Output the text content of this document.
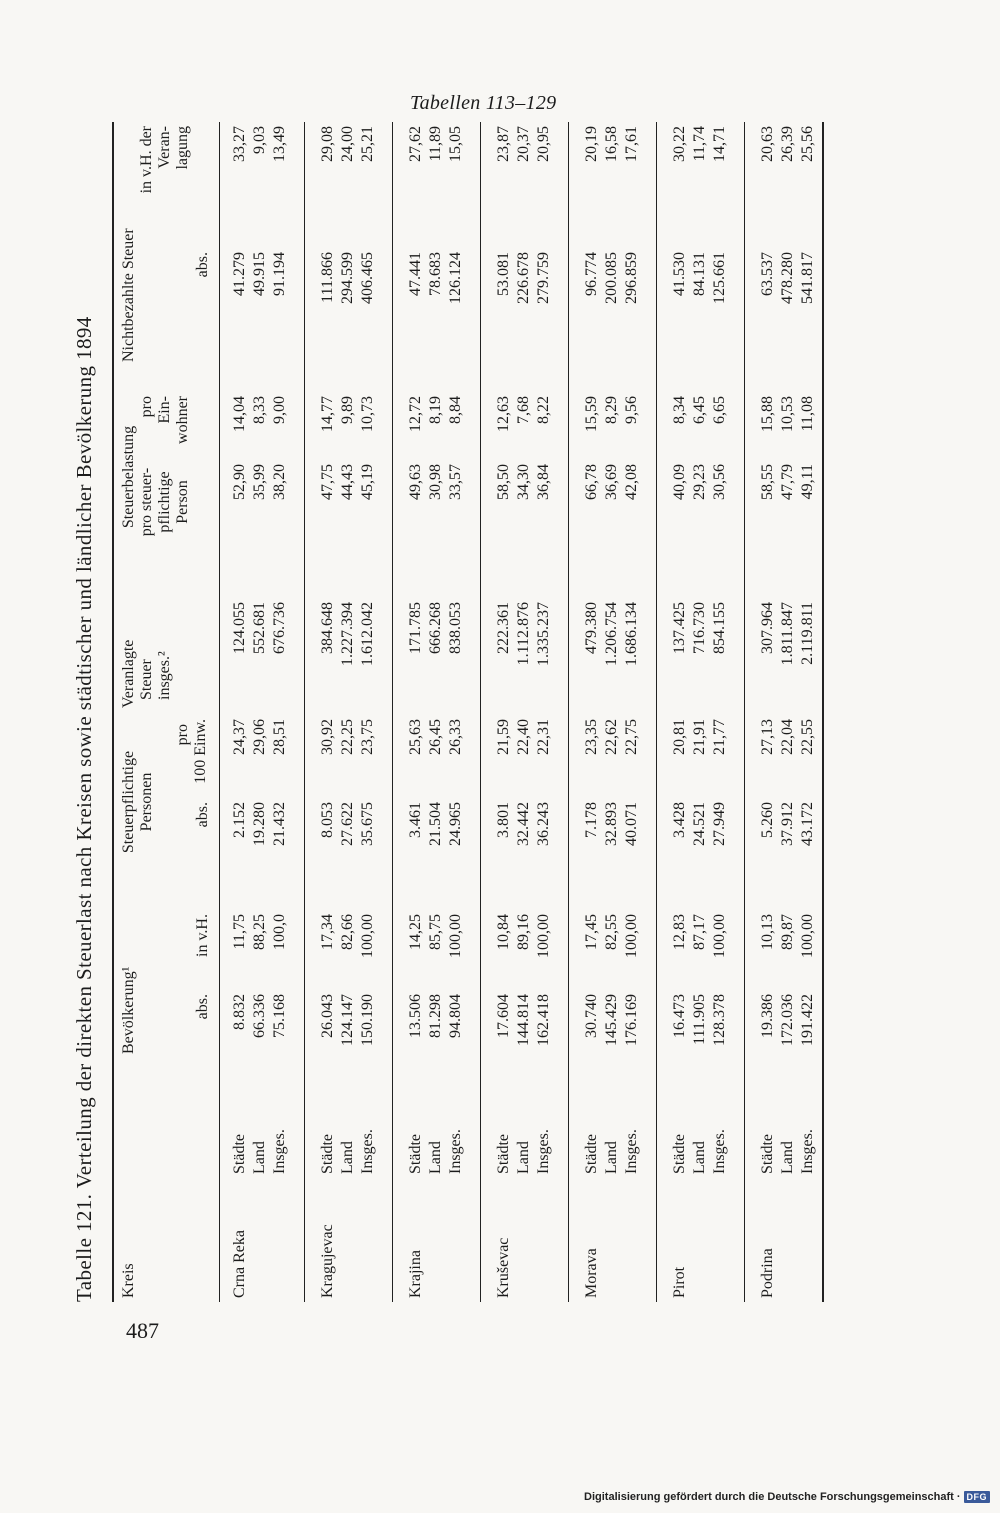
Tabellen 113–129
Tabelle 121. Verteilung der direkten Steuerlast nach Kreisen sowie städtischer und ländlicher Bevölkerung 1894 Kreis
Bevölkerung¹	abs.
in v.H.
Steuerpflichtige Personen abs.
pro 100 Einw.
Veranlagte Steuer insges.²
Steuerbelastung pro steuer- pflichtige Person
pro Ein- wohner
Nichtbezahlte Steuer
in v.H. der Veran- lagung
abs.
Crna Reka
Städte
8.832
11,75
2.152
24,37
124.055
52,90
14,04
41.279
33,27
Land
66.336
88,25
19.280
29,06
552.681
35,99
8,33
49.915
9,03
Insges.
75.168
100,0
21.432
28,51
676.736
38,20
9,00
91.194
13,49
Kragujevac
Städte
26.043
17,34
8.053
30,92
384.648
47,75
14,77
111.866
29,08
Land
124.147
82,66
27.622
22,25
1.227.394
44,43
9,89
294.599
24,00
Insges.
150.190
100,00
35.675
23,75
1.612.042
45,19
10,73
406.465
25,21
Krajina
Städte
13.506
14,25
3.461
25,63
171.785
49,63
12,72
47.441
27,62
Land
81.298
85,75
21.504
26,45
666.268
30,98
8,19
78.683
11,89
Insges.
94.804
100,00
24.965
26,33
838.053
33,57
8,84
126.124
15,05
Kruševac
Städte
17.604
10,84
3.801
21,59
222.361
58,50
12,63
53.081
23,87
Land
144.814
89,16
32.442
22,40
1.112.876
34,30
7,68
226.678
20,37
Insges.
162.418
100,00
36.243
22,31
1.335.237
36,84
8,22
279.759
20,95
Morava
Städte
30.740
17,45
7.178
23,35
479.380
66,78
15,59
96.774
20,19
Land
145.429
82,55
32.893
22,62
1.206.754
36,69
8,29
200.085
16,58
Insges.
176.169
100,00
40.071
22,75
1.686.134
42,08
9,56
296.859
17,61
Pirot
Städte
16.473
12,83
3.428
20,81
137.425
40,09
8,34
41.530
30,22
Land
111.905
87,17
24.521
21,91
716.730
29,23
6,45
84.131
11,74
Insges.
128.378
100,00
27.949
21,77
854.155
30,56
6,65
125.661
14,71
Podrina
Städte
19.386
10,13
5.260
27,13
307.964
58,55
15,88
63.537
20,63
Land
172.036
89,87
37.912
22,04
1.811.847
47,79
10,53
478.280
26,39
Insges.
191.422
100,00
43.172
22,55
2.119.811
49,11
11,08
541.817
25,56
487
Digitalisierung gefördert durch die Deutsche Forschungsgemeinschaft · DFG
